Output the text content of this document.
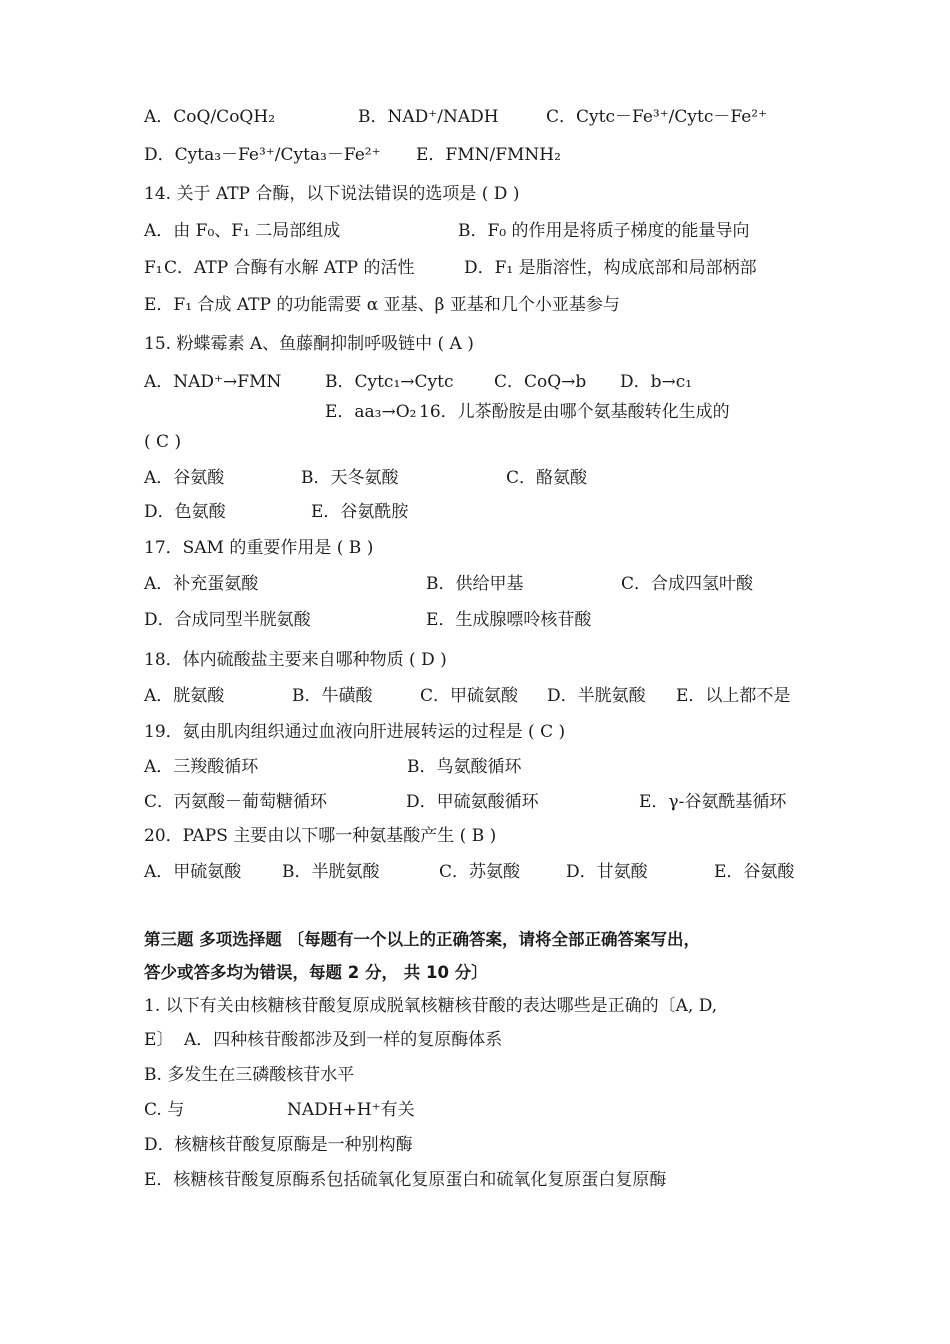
A．CoQ/CoQH₂	B．NAD⁺/NADH	C．Cytc－Fe³⁺/Cytc－Fe²⁺
D．Cyta₃－Fe³⁺/Cyta₃－Fe²⁺ E．FMN/FMNH₂
14. 关于 ATP 合酶，以下说法错误的选项是 ( D )
A．由 F₀、F₁ 二局部组成	B．F₀ 的作用是将质子梯度的能量导向
F₁ C．ATP 合酶有水解 ATP 的活性	D．F₁ 是脂溶性，构成底部和局部柄部
E．F₁ 合成 ATP 的功能需要 α 亚基、β 亚基和几个小亚基参与
15. 粉蝶霉素 A、鱼藤酮抑制呼吸链中 ( A )
A．NAD⁺→FMN	B．Cytc₁→Cytc C．CoQ→b D．b→c₁
E．aa₃→O₂ 16．儿茶酚胺是由哪个氨基酸转化生成的
( C )
A．谷氨酸	B．天冬氨酸	C．酪氨酸
D．色氨酸	E．谷氨酰胺
17．SAM 的重要作用是 ( B )
A．补充蛋氨酸	B．供给甲基	C．合成四氢叶酸
D．合成同型半胱氨酸	E．生成腺嘌呤核苷酸
18．体内硫酸盐主要来自哪种物质 ( D )
A．胱氨酸	B．牛磺酸	C．甲硫氨酸 D．半胱氨酸 E．以上都不是
19．氨由肌肉组织通过血液向肝进展转运的过程是 ( C )
A．三羧酸循环	B．鸟氨酸循环
C．丙氨酸－葡萄糖循环	D．甲硫氨酸循环	E．γ-谷氨酰基循环
20．PAPS 主要由以下哪一种氨基酸产生 ( B )
A．甲硫氨酸 B．半胱氨酸	C．苏氨酸	D．甘氨酸	E．谷氨酸
第三题 多项选择题 〔每题有一个以上的正确答案，请将全部正确答案写出，
答少或答多均为错误，每题 2 分， 共 10 分〕
1. 以下有关由核糖核苷酸复原成脱氧核糖核苷酸的表达哪些是正确的〔A, D,
E〕 A．四种核苷酸都涉及到一样的复原酶体系
B. 多发生在三磷酸核苷水平
C. 与	NADH+H⁺有关
D．核糖核苷酸复原酶是一种别构酶
E．核糖核苷酸复原酶系包括硫氧化复原蛋白和硫氧化复原蛋白复原酶
